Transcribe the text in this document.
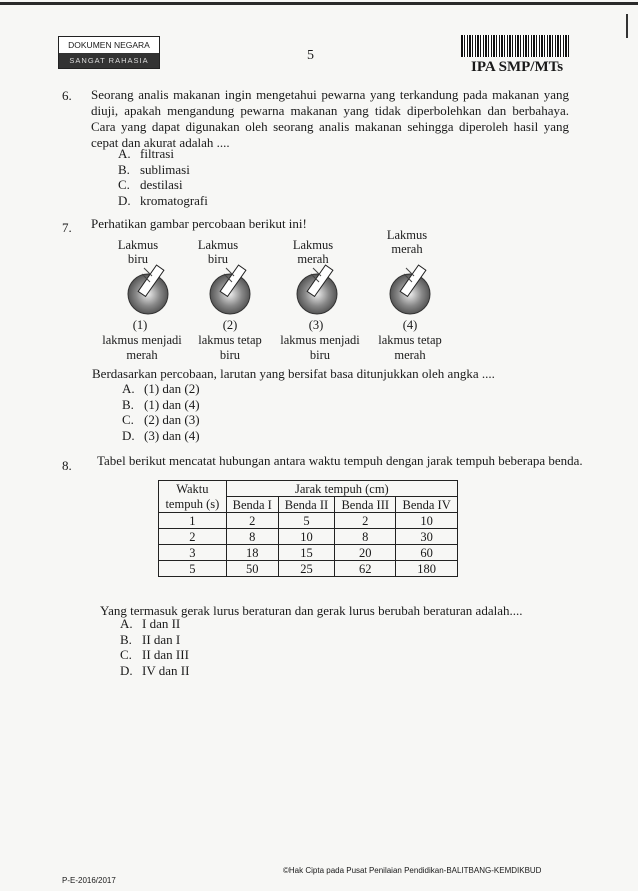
DOKUMEN NEGARA
SANGAT RAHASIA	5
IPA SMP/MTs
6. Seorang analis makanan ingin mengetahui pewarna yang terkandung pada makanan yang diuji, apakah mengandung pewarna makanan yang tidak diperbolehkan dan berbahaya. Cara yang dapat digunakan oleh seorang analis makanan sehingga diperoleh hasil yang cepat dan akurat adalah ....
A. filtrasi
B. sublimasi
C. destilasi
D. kromatografi
7. Perhatikan gambar percobaan berikut ini!
Lakmus
biru
(1)
lakmus menjadi
merah
Lakmus
biru
(2)
lakmus tetap
biru
Lakmus
merah
(3)
lakmus menjadi
biru
Lakmus
merah
(4)
lakmus tetap
merah
Berdasarkan percobaan, larutan yang bersifat basa ditunjukkan oleh angka ....
A. (1) dan (2)
B. (1) dan (4)
C. (2) dan (3)
D. (3) dan (4)
8. Tabel berikut mencatat hubungan antara waktu tempuh dengan jarak tempuh beberapa benda.
Waktu	Jarak tempuh (cm)			
tempuh (s)	Benda I	Benda II	Benda III	Benda IV
1	2	5	2	10
2	8	10	8	30
3	18	15	20	60
5	50	25	62	180
Yang termasuk gerak lurus beraturan dan gerak lurus berubah beraturan adalah....
A. I dan II
B. II dan I
C. II dan III
D. IV dan II
P-E-2016/2017
©Hak Cipta pada Pusat Penilaian Pendidikan-BALITBANG-KEMDIKBUD
